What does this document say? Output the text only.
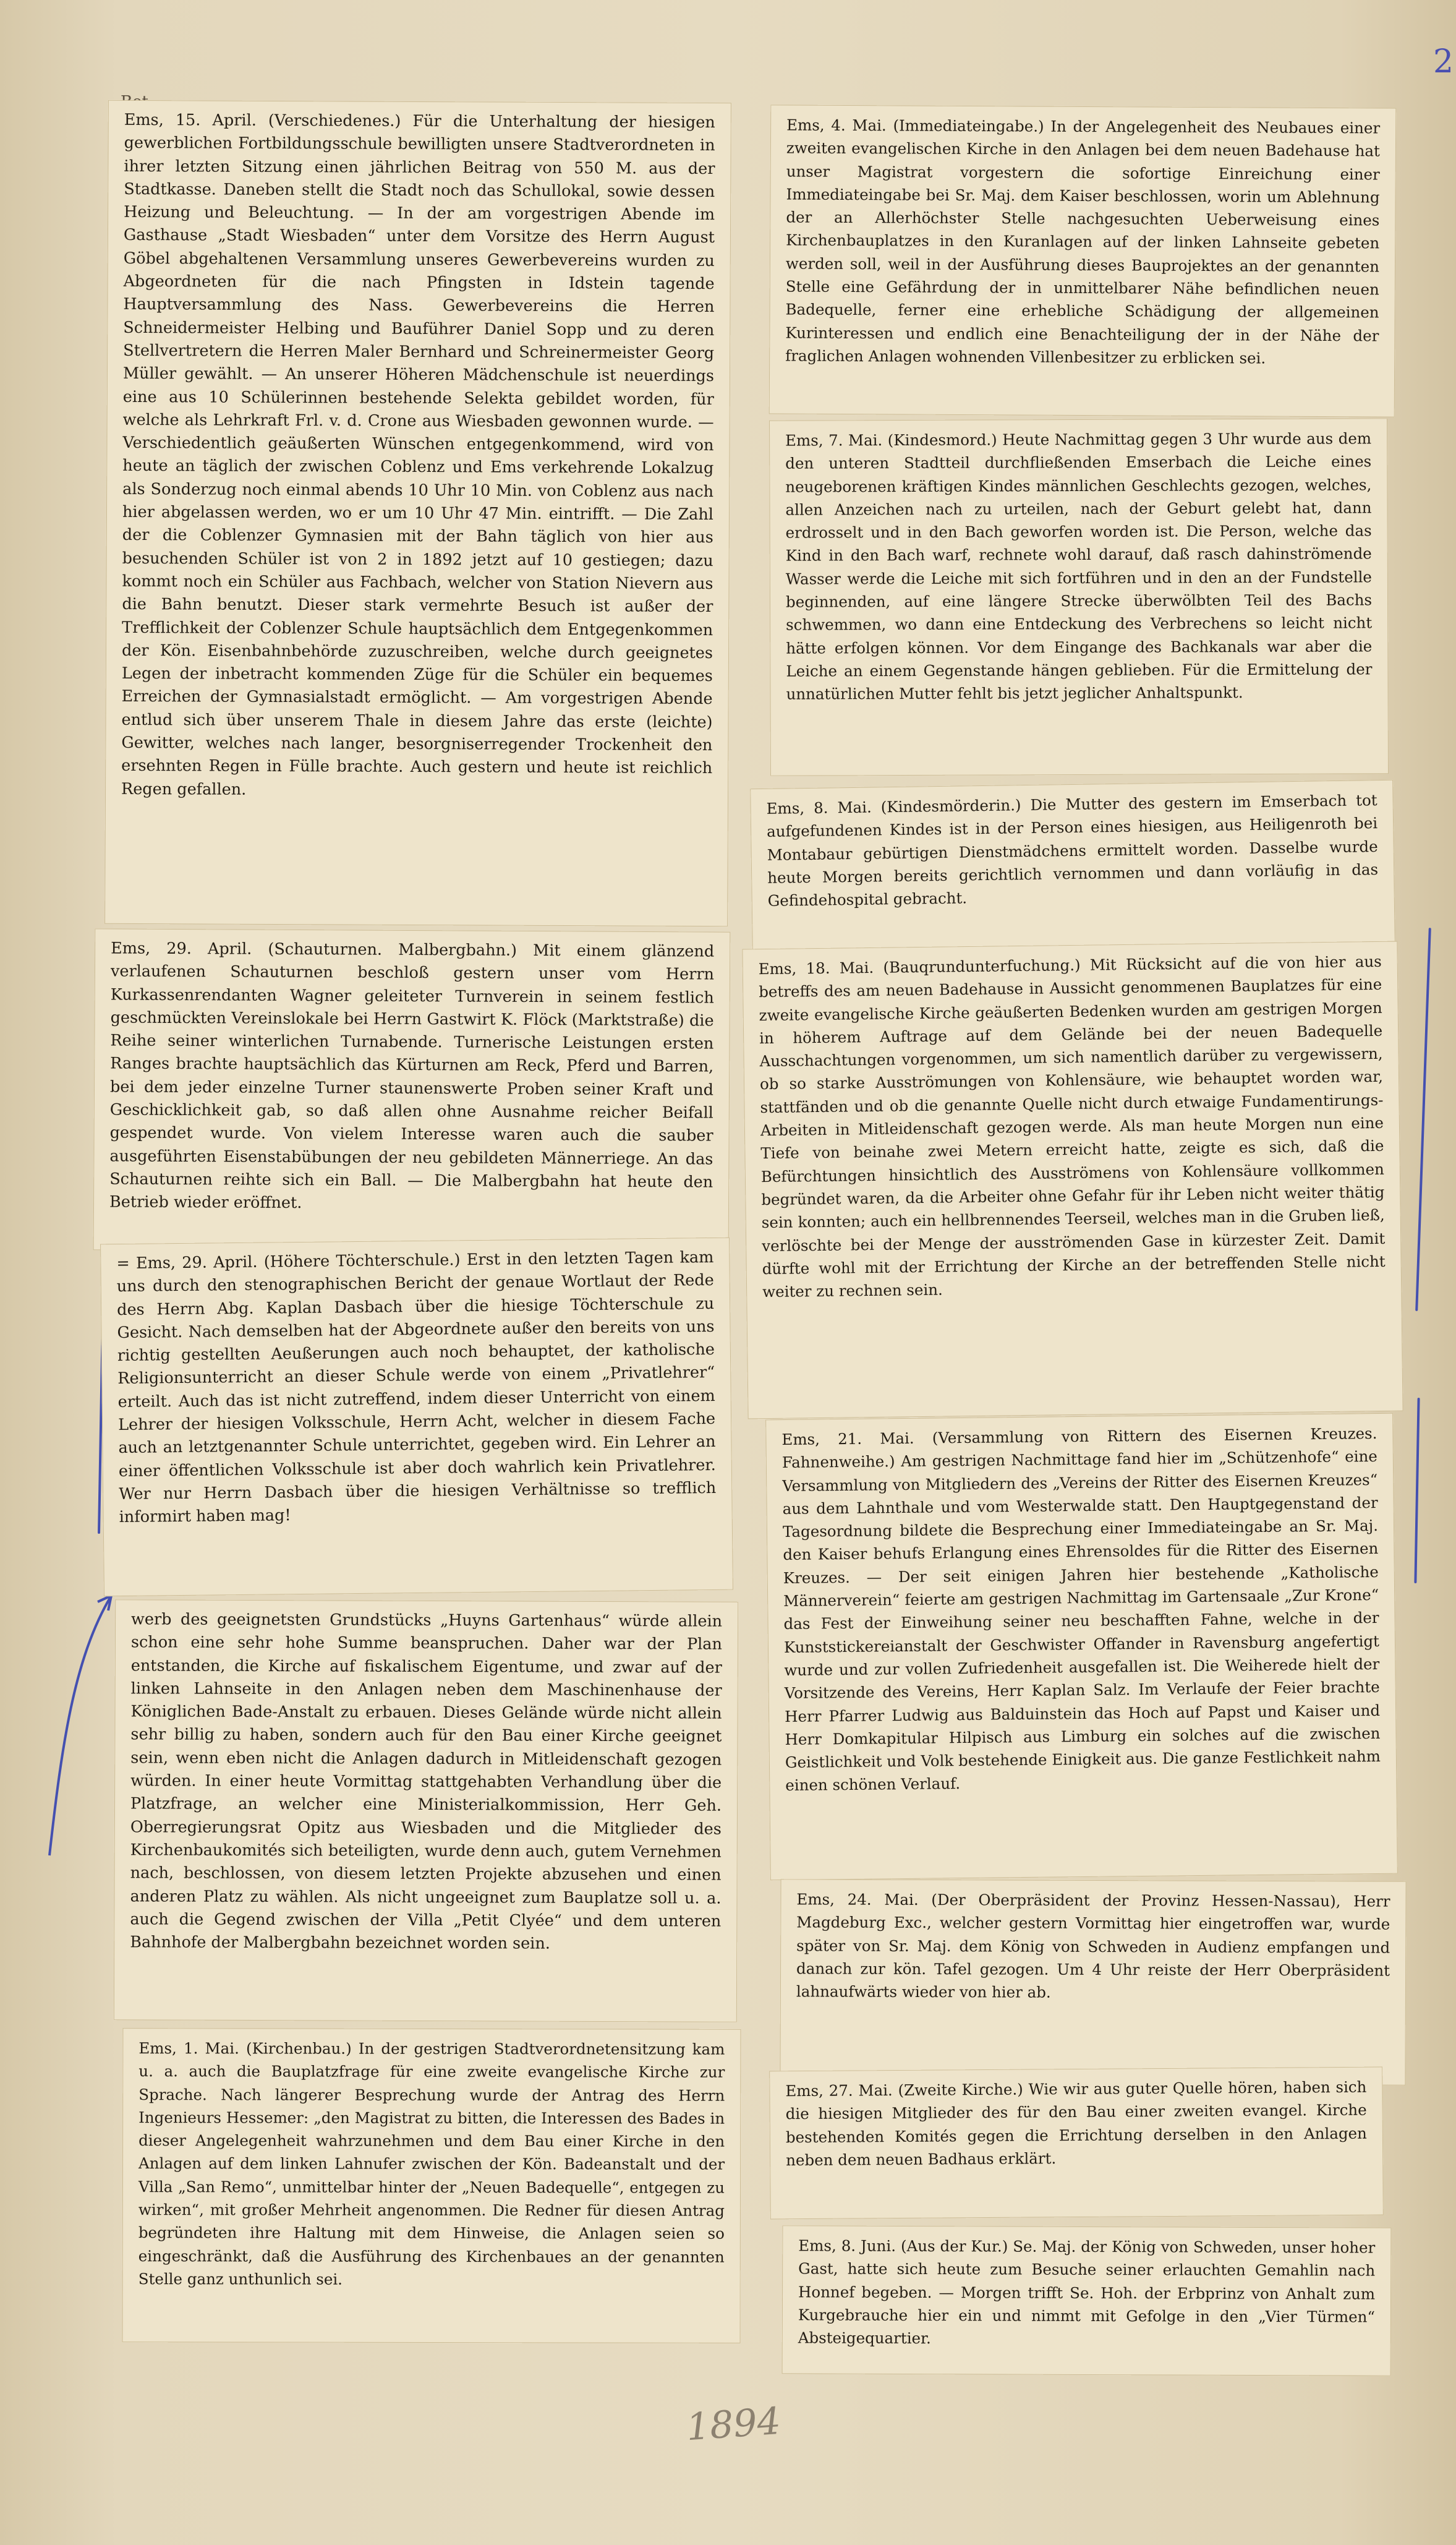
2

Ems, 15. April. (Verschiedenes.) Für die Unterhaltung der hiesigen gewerblichen Fortbildungsschule bewilligten unsere Stadtverordneten in ihrer letzten Sitzung einen jährlichen Beitrag von 550 M. aus der Stadtkasse. Daneben stellt die Stadt noch das Schullokal, sowie dessen Heizung und Beleuchtung. — In der am vorgestrigen Abende im Gasthause „Stadt Wiesbaden“ unter dem Vorsitze des Herrn August Göbel abgehaltenen Versammlung unseres Gewerbevereins wurden zu Abgeordneten für die nach Pfingsten in Idstein tagende Hauptversammlung des Nass. Gewerbevereins die Herren Schneidermeister Helbing und Bauführer Daniel Sopp und zu deren Stellvertretern die Herren Maler Bernhard und Schreinermeister Georg Müller gewählt. — An unserer Höheren Mädchenschule ist neuerdings eine aus 10 Schülerinnen bestehende Selekta gebildet worden, für welche als Lehrkraft Frl. v. d. Crone aus Wiesbaden gewonnen wurde. — Verschiedentlich geäußerten Wünschen entgegenkommend, wird von heute an täglich der zwischen Coblenz und Ems verkehrende Lokalzug als Sonderzug noch einmal abends 10 Uhr 10 Min. von Coblenz aus nach hier abgelassen werden, wo er um 10 Uhr 47 Min. eintrifft. — Die Zahl der die Coblenzer Gymnasien mit der Bahn täglich von hier aus besuchenden Schüler ist von 2 in 1892 jetzt auf 10 gestiegen; dazu kommt noch ein Schüler aus Fachbach, welcher von Station Nievern aus die Bahn benutzt. Dieser stark vermehrte Besuch ist außer der Trefflichkeit der Coblenzer Schule hauptsächlich dem Entgegenkommen der Kön. Eisenbahnbehörde zuzuschreiben, welche durch geeignetes Legen der inbetracht kommenden Züge für die Schüler ein bequemes Erreichen der Gymnasialstadt ermöglicht. — Am vorgestrigen Abende entlud sich über unserem Thale in diesem Jahre das erste (leichte) Gewitter, welches nach langer, besorgniserregender Trockenheit den ersehnten Regen in Fülle brachte. Auch gestern und heute ist reichlich Regen gefallen.

Ems, 29. April. (Schauturnen. Malbergbahn.) Mit einem glänzend verlaufenen Schauturnen beschloß gestern unser vom Herrn Kurkassenrendanten Wagner geleiteter Turnverein in seinem festlich geschmückten Vereinslokale bei Herrn Gastwirt K. Flöck (Marktstraße) die Reihe seiner winterlichen Turnabende. Turnerische Leistungen ersten Ranges brachte hauptsächlich das Kürturnen am Reck, Pferd und Barren, bei dem jeder einzelne Turner staunenswerte Proben seiner Kraft und Geschicklichkeit gab, so daß allen ohne Ausnahme reicher Beifall gespendet wurde. Von vielem Interesse waren auch die sauber ausgeführten Eisenstabübungen der neu gebildeten Männerriege. An das Schauturnen reihte sich ein Ball. — Die Malbergbahn hat heute den Betrieb wieder eröffnet.

= Ems, 29. April. (Höhere Töchterschule.) Erst in den letzten Tagen kam uns durch den stenographischen Bericht der genaue Wortlaut der Rede des Herrn Abg. Kaplan Dasbach über die hiesige Töchterschule zu Gesicht. Nach demselben hat der Abgeordnete außer den bereits von uns richtig gestellten Aeußerungen auch noch behauptet, der katholische Religionsunterricht an dieser Schule werde von einem „Privatlehrer“ erteilt. Auch das ist nicht zutreffend, indem dieser Unterricht von einem Lehrer der hiesigen Volksschule, Herrn Acht, welcher in diesem Fache auch an letztgenannter Schule unterrichtet, gegeben wird. Ein Lehrer an einer öffentlichen Volksschule ist aber doch wahrlich kein Privatlehrer. Wer nur Herrn Dasbach über die hiesigen Verhältnisse so trefflich informirt haben mag!

werb des geeignetsten Grundstücks „Huyns Gartenhaus“ würde allein schon eine sehr hohe Summe beanspruchen. Daher war der Plan entstanden, die Kirche auf fiskalischem Eigentume, und zwar auf der linken Lahnseite in den Anlagen neben dem Maschinenhause der Königlichen Bade-Anstalt zu erbauen. Dieses Gelände würde nicht allein sehr billig zu haben, sondern auch für den Bau einer Kirche geeignet sein, wenn eben nicht die Anlagen dadurch in Mitleidenschaft gezogen würden. In einer heute Vormittag stattgehabten Verhandlung über die Platzfrage, an welcher eine Ministerialkommission, Herr Geh. Oberregierungsrat Opitz aus Wiesbaden und die Mitglieder des Kirchenbaukomités sich beteiligten, wurde denn auch, gutem Vernehmen nach, beschlossen, von diesem letzten Projekte abzusehen und einen anderen Platz zu wählen. Als nicht ungeeignet zum Bauplatze soll u. a. auch die Gegend zwischen der Villa „Petit Clyée“ und dem unteren Bahnhofe der Malbergbahn bezeichnet worden sein.

Ems, 1. Mai. (Kirchenbau.) In der gestrigen Stadtverordnetensitzung kam u. a. auch die Bauplatzfrage für eine zweite evangelische Kirche zur Sprache. Nach längerer Besprechung wurde der Antrag des Herrn Ingenieurs Hessemer: „den Magistrat zu bitten, die Interessen des Bades in dieser Angelegenheit wahrzunehmen und dem Bau einer Kirche in den Anlagen auf dem linken Lahnufer zwischen der Kön. Badeanstalt und der Villa „San Remo“, unmittelbar hinter der „Neuen Badequelle“, entgegen zu wirken“, mit großer Mehrheit angenommen. Die Redner für diesen Antrag begründeten ihre Haltung mit dem Hinweise, die Anlagen seien so eingeschränkt, daß die Ausführung des Kirchenbaues an der genannten Stelle ganz unthunlich sei.

Ems, 4. Mai. (Immediateingabe.) In der Angelegenheit des Neubaues einer zweiten evangelischen Kirche in den Anlagen bei dem neuen Badehause hat unser Magistrat vorgestern die sofortige Einreichung einer Immediateingabe bei Sr. Maj. dem Kaiser beschlossen, worin um Ablehnung der an Allerhöchster Stelle nachgesuchten Ueberweisung eines Kirchenbauplatzes in den Kuranlagen auf der linken Lahnseite gebeten werden soll, weil in der Ausführung dieses Bauprojektes an der genannten Stelle eine Gefährdung der in unmittelbarer Nähe befindlichen neuen Badequelle, ferner eine erhebliche Schädigung der allgemeinen Kurinteressen und endlich eine Benachteiligung der in der Nähe der fraglichen Anlagen wohnenden Villenbesitzer zu erblicken sei.

Ems, 7. Mai. (Kindesmord.) Heute Nachmittag gegen 3 Uhr wurde aus dem den unteren Stadtteil durchfließenden Emserbach die Leiche eines neugeborenen kräftigen Kindes männlichen Geschlechts gezogen, welches, allen Anzeichen nach zu urteilen, nach der Geburt gelebt hat, dann erdrosselt und in den Bach geworfen worden ist. Die Person, welche das Kind in den Bach warf, rechnete wohl darauf, daß rasch dahinströmende Wasser werde die Leiche mit sich fortführen und in den an der Fundstelle beginnenden, auf eine längere Strecke überwölbten Teil des Bachs schwemmen, wo dann eine Entdeckung des Verbrechens so leicht nicht hätte erfolgen können. Vor dem Eingange des Bachkanals war aber die Leiche an einem Gegenstande hängen geblieben. Für die Ermittelung der unnatürlichen Mutter fehlt bis jetzt jeglicher Anhaltspunkt.

Ems, 8. Mai. (Kindesmörderin.) Die Mutter des gestern im Emserbach tot aufgefundenen Kindes ist in der Person eines hiesigen, aus Heiligenroth bei Montabaur gebürtigen Dienstmädchens ermittelt worden. Dasselbe wurde heute Morgen bereits gerichtlich vernommen und dann vorläufig in das Gefindehospital gebracht.

Ems, 18. Mai. (Bauqrundunterfuchung.) Mit Rücksicht auf die von hier aus betreffs des am neuen Badehause in Aussicht genommenen Bauplatzes für eine zweite evangelische Kirche geäußerten Bedenken wurden am gestrigen Morgen in höherem Auftrage auf dem Gelände bei der neuen Badequelle Ausschachtungen vorgenommen, um sich namentlich darüber zu vergewissern, ob so starke Ausströmungen von Kohlensäure, wie behauptet worden war, stattfänden und ob die genannte Quelle nicht durch etwaige Fundamentirungs-Arbeiten in Mitleidenschaft gezogen werde. Als man heute Morgen nun eine Tiefe von beinahe zwei Metern erreicht hatte, zeigte es sich, daß die Befürchtungen hinsichtlich des Ausströmens von Kohlensäure vollkommen begründet waren, da die Arbeiter ohne Gefahr für ihr Leben nicht weiter thätig sein konnten; auch ein hellbrennendes Teerseil, welches man in die Gruben ließ, verlöschte bei der Menge der ausströmenden Gase in kürzester Zeit. Damit dürfte wohl mit der Errichtung der Kirche an der betreffenden Stelle nicht weiter zu rechnen sein.

Ems, 21. Mai. (Versammlung von Rittern des Eisernen Kreuzes. Fahnenweihe.) Am gestrigen Nachmittage fand hier im „Schützenhofe“ eine Versammlung von Mitgliedern des „Vereins der Ritter des Eisernen Kreuzes“ aus dem Lahnthale und vom Westerwalde statt. Den Hauptgegenstand der Tagesordnung bildete die Besprechung einer Immediateingabe an Sr. Maj. den Kaiser behufs Erlangung eines Ehrensoldes für die Ritter des Eisernen Kreuzes. — Der seit einigen Jahren hier bestehende „Katholische Männerverein“ feierte am gestrigen Nachmittag im Gartensaale „Zur Krone“ das Fest der Einweihung seiner neu beschafften Fahne, welche in der Kunststickereianstalt der Geschwister Offander in Ravensburg angefertigt wurde und zur vollen Zufriedenheit ausgefallen ist. Die Weiherede hielt der Vorsitzende des Vereins, Herr Kaplan Salz. Im Verlaufe der Feier brachte Herr Pfarrer Ludwig aus Balduinstein das Hoch auf Papst und Kaiser und Herr Domkapitular Hilpisch aus Limburg ein solches auf die zwischen Geistlichkeit und Volk bestehende Einigkeit aus. Die ganze Festlichkeit nahm einen schönen Verlauf.

Ems, 24. Mai. (Der Oberpräsident der Provinz Hessen-Nassau), Herr Magdeburg Exc., welcher gestern Vormittag hier eingetroffen war, wurde später von Sr. Maj. dem König von Schweden in Audienz empfangen und danach zur kön. Tafel gezogen. Um 4 Uhr reiste der Herr Oberpräsident lahnaufwärts wieder von hier ab.

Ems, 27. Mai. (Zweite Kirche.) Wie wir aus guter Quelle hören, haben sich die hiesigen Mitglieder des für den Bau einer zweiten evangel. Kirche bestehenden Komités gegen die Errichtung derselben in den Anlagen neben dem neuen Badhaus erklärt.

Ems, 8. Juni. (Aus der Kur.) Se. Maj. der König von Schweden, unser hoher Gast, hatte sich heute zum Besuche seiner erlauchten Gemahlin nach Honnef begeben. — Morgen trifft Se. Hoh. der Erbprinz von Anhalt zum Kurgebrauche hier ein und nimmt mit Gefolge in den „Vier Türmen“ Absteigequartier.

1894
